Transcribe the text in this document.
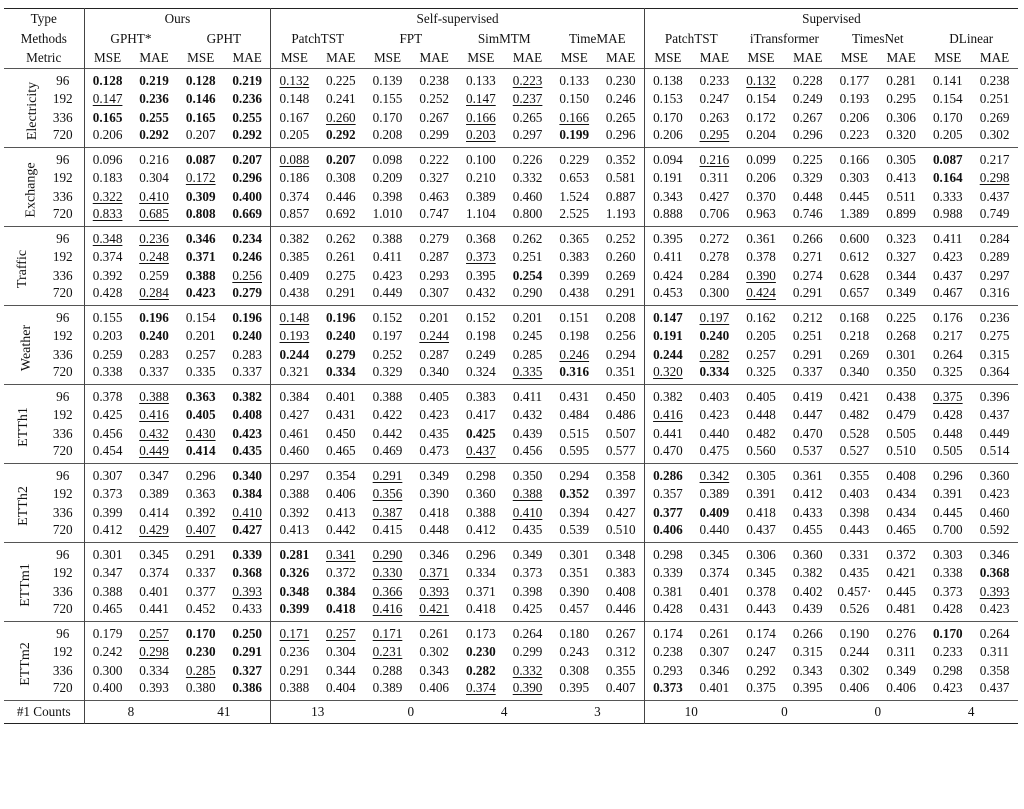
Type		Ours				Self-supervised								Supervised							
Methods		GPHT*		GPHT		PatchTST		FPT		SimMTM		TimeMAE		PatchTST		iTransformer		TimesNet		DLinear	
Metric		MSE	MAE	MSE	MAE	MSE	MAE	MSE	MAE	MSE	MAE	MSE	MAE	MSE	MAE	MSE	MAE	MSE	MAE	MSE	MAE
Electricity	96	0.128	0.219	0.128	0.219	0.132	0.225	0.139	0.238	0.133	0.223	0.133	0.230	0.138	0.233	0.132	0.228	0.177	0.281	0.141	0.238
	192	0.147	0.236	0.146	0.236	0.148	0.241	0.155	0.252	0.147	0.237	0.150	0.246	0.153	0.247	0.154	0.249	0.193	0.295	0.154	0.251
	336	0.165	0.255	0.165	0.255	0.167	0.260	0.170	0.267	0.166	0.265	0.166	0.265	0.170	0.263	0.172	0.267	0.206	0.306	0.170	0.269
	720	0.206	0.292	0.207	0.292	0.205	0.292	0.208	0.299	0.203	0.297	0.199	0.296	0.206	0.295	0.204	0.296	0.223	0.320	0.205	0.302
Exchange	96	0.096	0.216	0.087	0.207	0.088	0.207	0.098	0.222	0.100	0.226	0.229	0.352	0.094	0.216	0.099	0.225	0.166	0.305	0.087	0.217
	192	0.183	0.304	0.172	0.296	0.186	0.308	0.209	0.327	0.210	0.332	0.653	0.581	0.191	0.311	0.206	0.329	0.303	0.413	0.164	0.298
	336	0.322	0.410	0.309	0.400	0.374	0.446	0.398	0.463	0.389	0.460	1.524	0.887	0.343	0.427	0.370	0.448	0.445	0.511	0.333	0.437
	720	0.833	0.685	0.808	0.669	0.857	0.692	1.010	0.747	1.104	0.800	2.525	1.193	0.888	0.706	0.963	0.746	1.389	0.899	0.988	0.749
Traffic	96	0.348	0.236	0.346	0.234	0.382	0.262	0.388	0.279	0.368	0.262	0.365	0.252	0.395	0.272	0.361	0.266	0.600	0.323	0.411	0.284
	192	0.374	0.248	0.371	0.246	0.385	0.261	0.411	0.287	0.373	0.251	0.383	0.260	0.411	0.278	0.378	0.271	0.612	0.327	0.423	0.289
	336	0.392	0.259	0.388	0.256	0.409	0.275	0.423	0.293	0.395	0.254	0.399	0.269	0.424	0.284	0.390	0.274	0.628	0.344	0.437	0.297
	720	0.428	0.284	0.423	0.279	0.438	0.291	0.449	0.307	0.432	0.290	0.438	0.291	0.453	0.300	0.424	0.291	0.657	0.349	0.467	0.316
Weather	96	0.155	0.196	0.154	0.196	0.148	0.196	0.152	0.201	0.152	0.201	0.151	0.208	0.147	0.197	0.162	0.212	0.168	0.225	0.176	0.236
	192	0.203	0.240	0.201	0.240	0.193	0.240	0.197	0.244	0.198	0.245	0.198	0.256	0.191	0.240	0.205	0.251	0.218	0.268	0.217	0.275
	336	0.259	0.283	0.257	0.283	0.244	0.279	0.252	0.287	0.249	0.285	0.246	0.294	0.244	0.282	0.257	0.291	0.269	0.301	0.264	0.315
	720	0.338	0.337	0.335	0.337	0.321	0.334	0.329	0.340	0.324	0.335	0.316	0.351	0.320	0.334	0.325	0.337	0.340	0.350	0.325	0.364
ETTh1	96	0.378	0.388	0.363	0.382	0.384	0.401	0.388	0.405	0.383	0.411	0.431	0.450	0.382	0.403	0.405	0.419	0.421	0.438	0.375	0.396
	192	0.425	0.416	0.405	0.408	0.427	0.431	0.422	0.423	0.417	0.432	0.484	0.486	0.416	0.423	0.448	0.447	0.482	0.479	0.428	0.437
	336	0.456	0.432	0.430	0.423	0.461	0.450	0.442	0.435	0.425	0.439	0.515	0.507	0.441	0.440	0.482	0.470	0.528	0.505	0.448	0.449
	720	0.454	0.449	0.414	0.435	0.460	0.465	0.469	0.473	0.437	0.456	0.595	0.577	0.470	0.475	0.560	0.537	0.527	0.510	0.505	0.514
ETTh2	96	0.307	0.347	0.296	0.340	0.297	0.354	0.291	0.349	0.298	0.350	0.294	0.358	0.286	0.342	0.305	0.361	0.355	0.408	0.296	0.360
	192	0.373	0.389	0.363	0.384	0.388	0.406	0.356	0.390	0.360	0.388	0.352	0.397	0.357	0.389	0.391	0.412	0.403	0.434	0.391	0.423
	336	0.399	0.414	0.392	0.410	0.392	0.413	0.387	0.418	0.388	0.410	0.394	0.427	0.377	0.409	0.418	0.433	0.398	0.434	0.445	0.460
	720	0.412	0.429	0.407	0.427	0.413	0.442	0.415	0.448	0.412	0.435	0.539	0.510	0.406	0.440	0.437	0.455	0.443	0.465	0.700	0.592
ETTm1	96	0.301	0.345	0.291	0.339	0.281	0.341	0.290	0.346	0.296	0.349	0.301	0.348	0.298	0.345	0.306	0.360	0.331	0.372	0.303	0.346
	192	0.347	0.374	0.337	0.368	0.326	0.372	0.330	0.371	0.334	0.373	0.351	0.383	0.339	0.374	0.345	0.382	0.435	0.421	0.338	0.368
	336	0.388	0.401	0.377	0.393	0.348	0.384	0.366	0.393	0.371	0.398	0.390	0.408	0.381	0.401	0.378	0.402	0.457·	0.445	0.373	0.393
	720	0.465	0.441	0.452	0.433	0.399	0.418	0.416	0.421	0.418	0.425	0.457	0.446	0.428	0.431	0.443	0.439	0.526	0.481	0.428	0.423
ETTm2	96	0.179	0.257	0.170	0.250	0.171	0.257	0.171	0.261	0.173	0.264	0.180	0.267	0.174	0.261	0.174	0.266	0.190	0.276	0.170	0.264
	192	0.242	0.298	0.230	0.291	0.236	0.304	0.231	0.302	0.230	0.299	0.243	0.312	0.238	0.307	0.247	0.315	0.244	0.311	0.233	0.311
	336	0.300	0.334	0.285	0.327	0.291	0.344	0.288	0.343	0.282	0.332	0.308	0.355	0.293	0.346	0.292	0.343	0.302	0.349	0.298	0.358
	720	0.400	0.393	0.380	0.386	0.388	0.404	0.389	0.406	0.374	0.390	0.395	0.407	0.373	0.401	0.375	0.395	0.406	0.406	0.423	0.437
#1 Counts		8		41		13		0		4		3		10		0		0		4	
